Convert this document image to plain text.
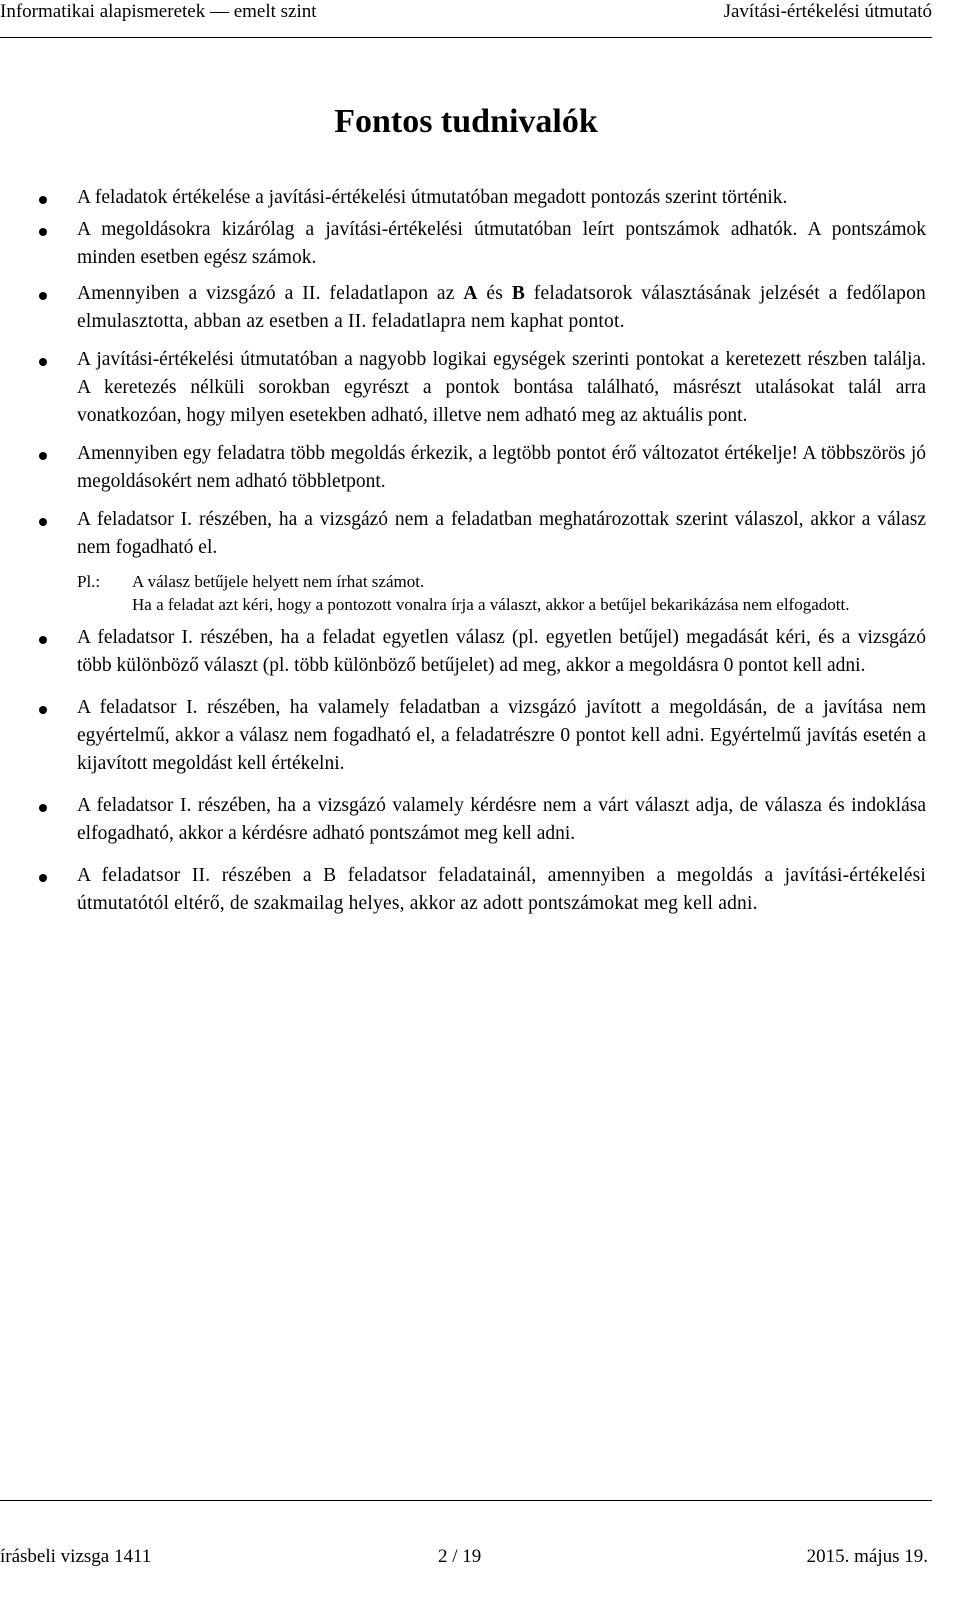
Informatikai alapismeretek — emelt szint	Javítási-értékelési útmutató
Fontos tudnivalók
A feladatok értékelése a javítási-értékelési útmutatóban megadott pontozás szerint történik.
A megoldásokra kizárólag a javítási-értékelési útmutatóban leírt pontszámok adhatók. A pontszámok minden esetben egész számok.
Amennyiben a vizsgázó a II. feladatlapon az A és B feladatsorok választásának jelzését a fedőlapon elmulasztotta, abban az esetben a II. feladatlapra nem kaphat pontot.
A javítási-értékelési útmutatóban a nagyobb logikai egységek szerinti pontokat a keretezett részben találja. A keretezés nélküli sorokban egyrészt a pontok bontása található, másrészt utalásokat talál arra vonatkozóan, hogy milyen esetekben adható, illetve nem adható meg az aktuális pont.
Amennyiben egy feladatra több megoldás érkezik, a legtöbb pontot érő változatot értékelje! A többszörös jó megoldásokért nem adható többletpont.
A feladatsor I. részében, ha a vizsgázó nem a feladatban meghatározottak szerint válaszol, akkor a válasz nem fogadható el.
Pl.: A válasz betűjele helyett nem írhat számot.
Ha a feladat azt kéri, hogy a pontozott vonalra írja a választ, akkor a betűjel bekarikázása nem elfogadott.
A feladatsor I. részében, ha a feladat egyetlen válasz (pl. egyetlen betűjel) megadását kéri, és a vizsgázó több különböző választ (pl. több különböző betűjelet) ad meg, akkor a megoldásra 0 pontot kell adni.
A feladatsor I. részében, ha valamely feladatban a vizsgázó javított a megoldásán, de a javítása nem egyértelmű, akkor a válasz nem fogadható el, a feladatrészre 0 pontot kell adni. Egyértelmű javítás esetén a kijavított megoldást kell értékelni.
A feladatsor I. részében, ha a vizsgázó valamely kérdésre nem a várt választ adja, de válasza és indoklása elfogadható, akkor a kérdésre adható pontszámot meg kell adni.
A feladatsor II. részében a B feladatsor feladatainál, amennyiben a megoldás a javítási-értékelési útmutatótól eltérő, de szakmailag helyes, akkor az adott pontszámokat meg kell adni.
írásbeli vizsga 1411	2 / 19	2015. május 19.
